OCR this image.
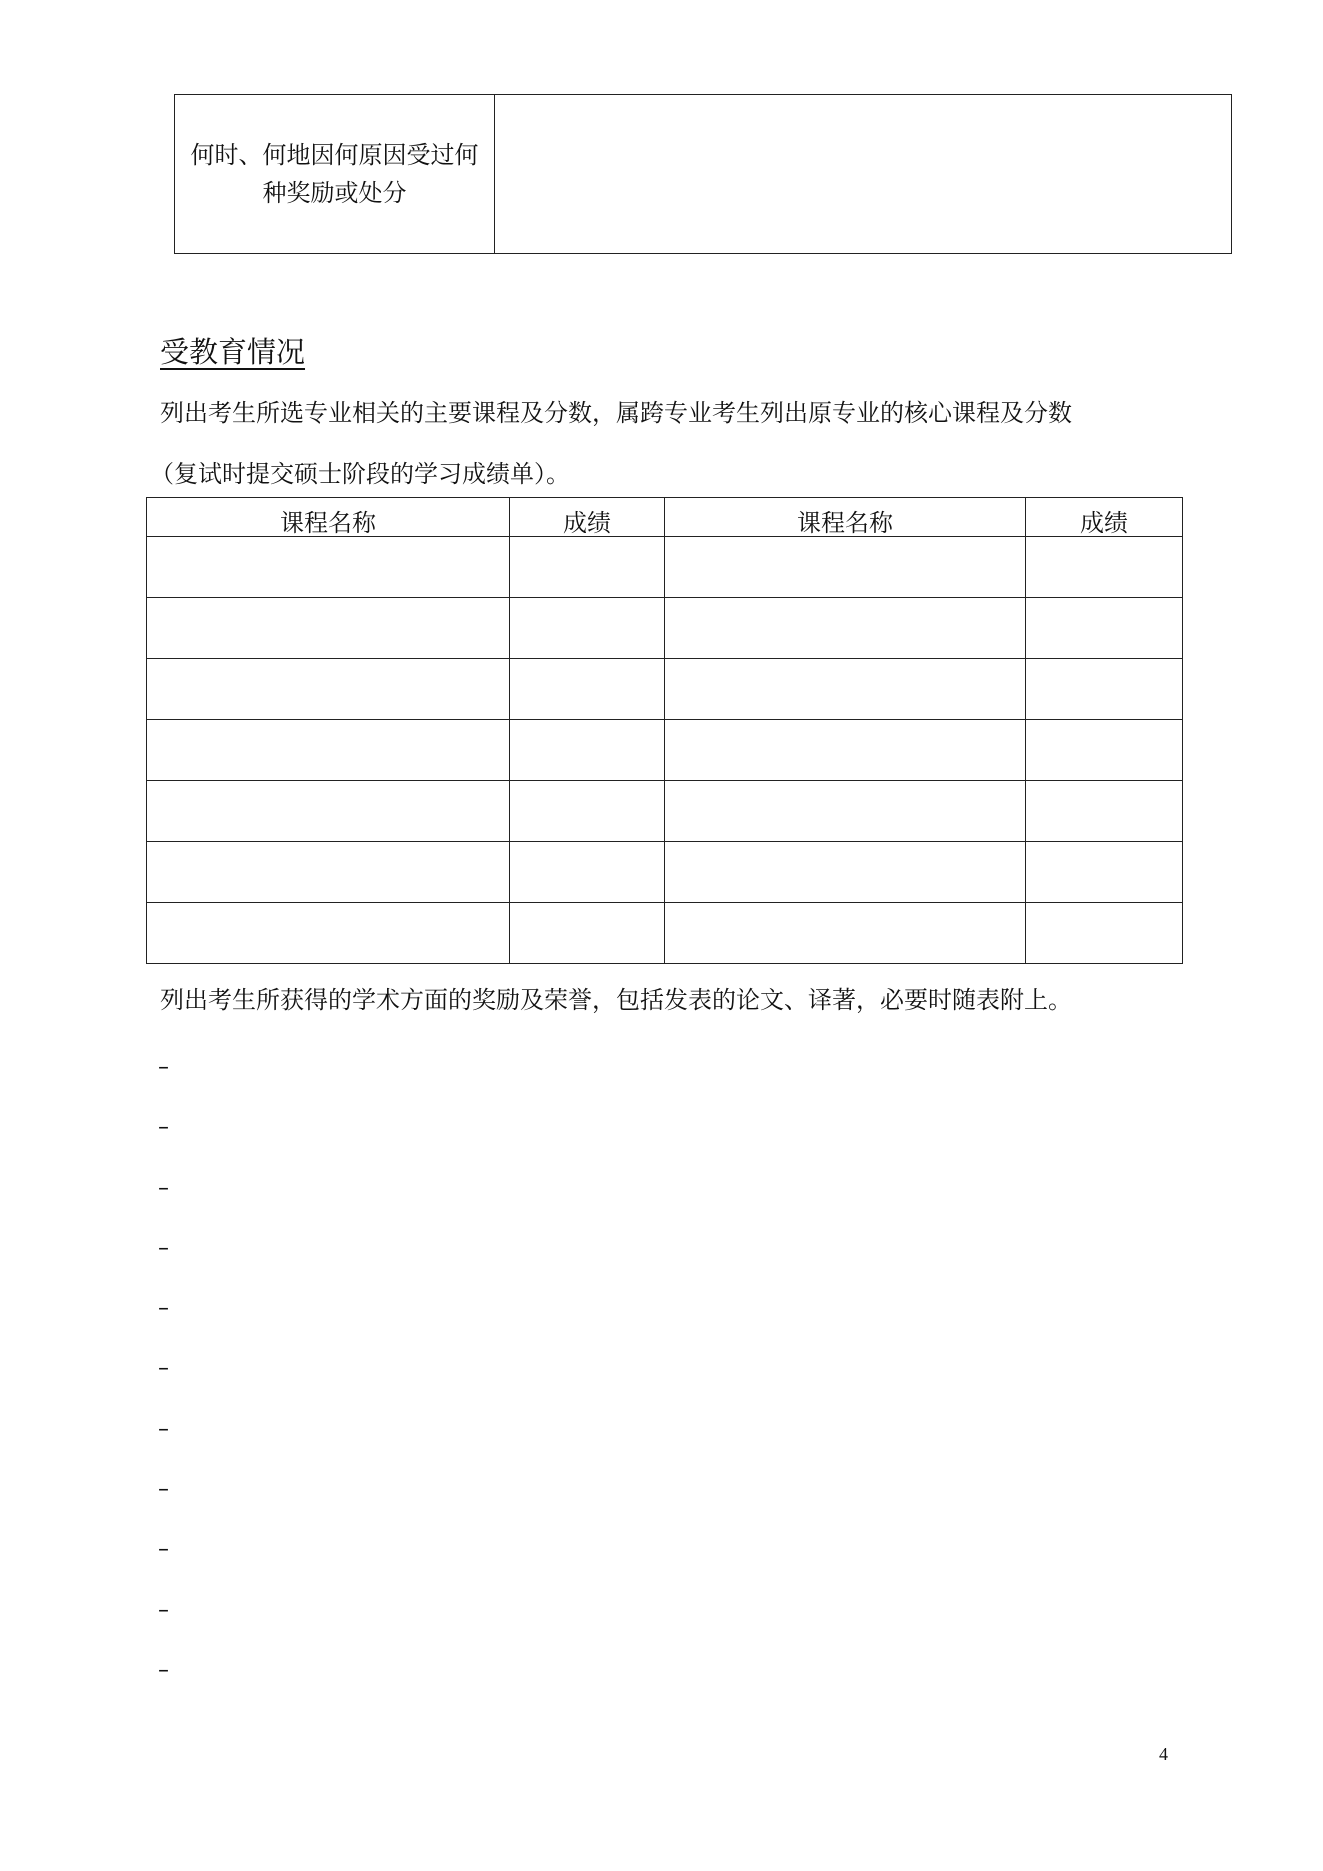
何时、何地因何原因受过何种奖励或处分
受教育情况
列出考生所选专业相关的主要课程及分数，属跨专业考生列出原专业的核心课程及分数
（复试时提交硕士阶段的学习成绩单）。
课程名称	成绩	课程名称	成绩

列出考生所获得的学术方面的奖励及荣誉，包括发表的论文、译著，必要时随表附上。
–
–
–
–
–
–
–
–
–
–
–
4
